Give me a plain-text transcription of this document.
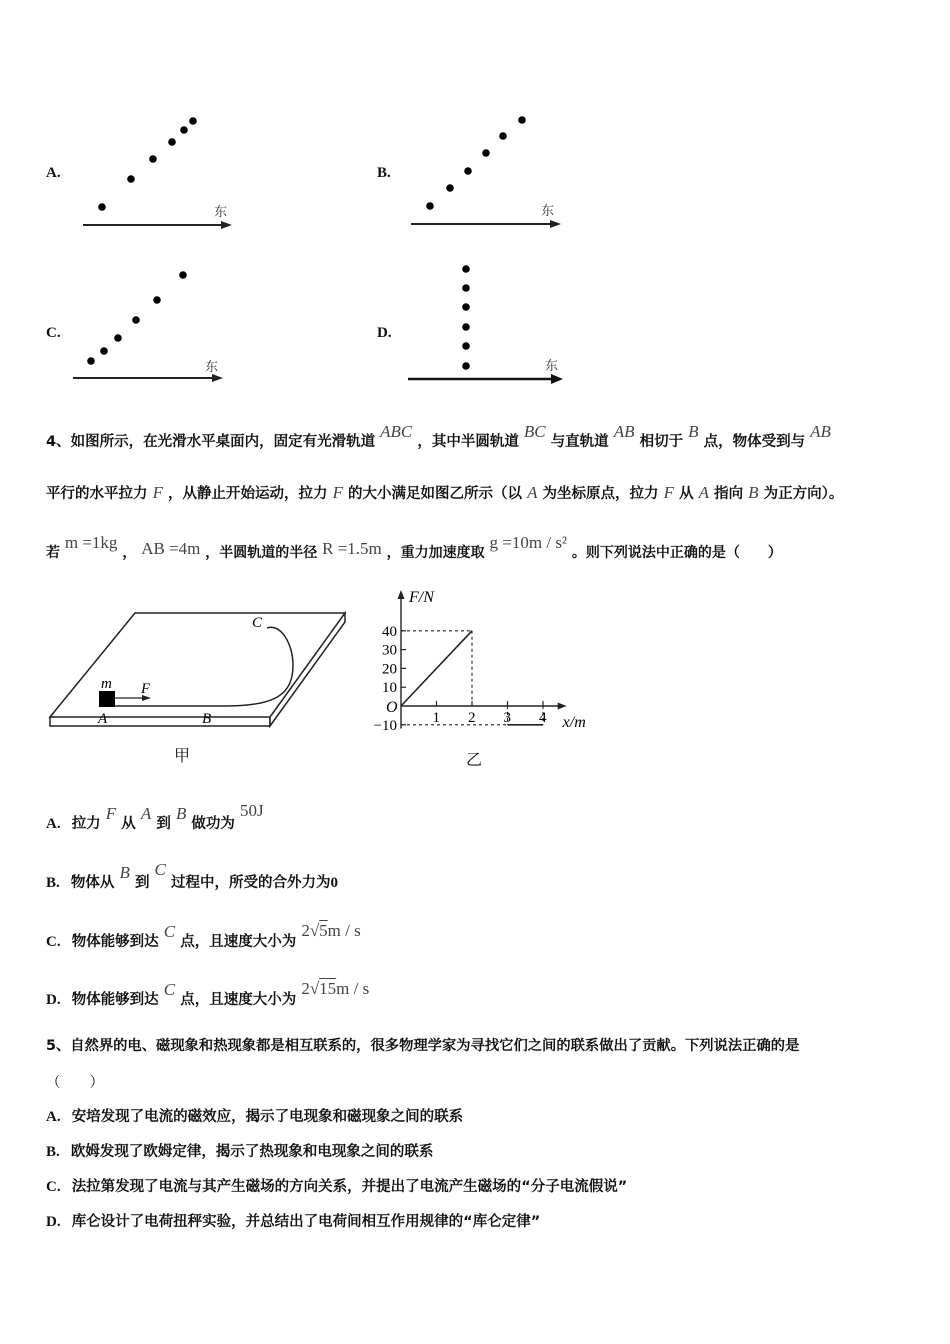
A.
东
B.
东
C.
东
D.
东
4、如图所示，在光滑水平桌面内，固定有光滑轨道 ABC ，其中半圆轨道 BC 与直轨道 AB 相切于 B 点，物体受到与 AB
平行的水平拉力 F ，从静止开始运动，拉力 F 的大小满足如图乙所示（以 A 为坐标原点，拉力 F 从 A 指向 B 为正方向）。
若 m =1kg ， AB =4m ，半圆轨道的半径 R =1.5m ，重力加速度取 g =10m / s² 。则下列说法中正确的是（　　）
m F
A	B
C
甲
1 2 3 4
−10
10
20
30
40
F/N
x/m
O
乙
A. 拉力 F 从 A 到 B 做功为 50J
B. 物体从 B 到 C 过程中，所受的合外力为0
C. 物体能够到达 C 点，且速度大小为 2√5m / s
D. 物体能够到达 C 点，且速度大小为 2√15m / s
5、自然界的电、磁现象和热现象都是相互联系的，很多物理学家为寻找它们之间的联系做出了贡献。下列说法正确的是
（　　）
A. 安培发现了电流的磁效应，揭示了电现象和磁现象之间的联系
B. 欧姆发现了欧姆定律，揭示了热现象和电现象之间的联系
C. 法拉第发现了电流与其产生磁场的方向关系，并提出了电流产生磁场的“分子电流假说”
D. 库仑设计了电荷扭秤实验，并总结出了电荷间相互作用规律的“库仑定律”
